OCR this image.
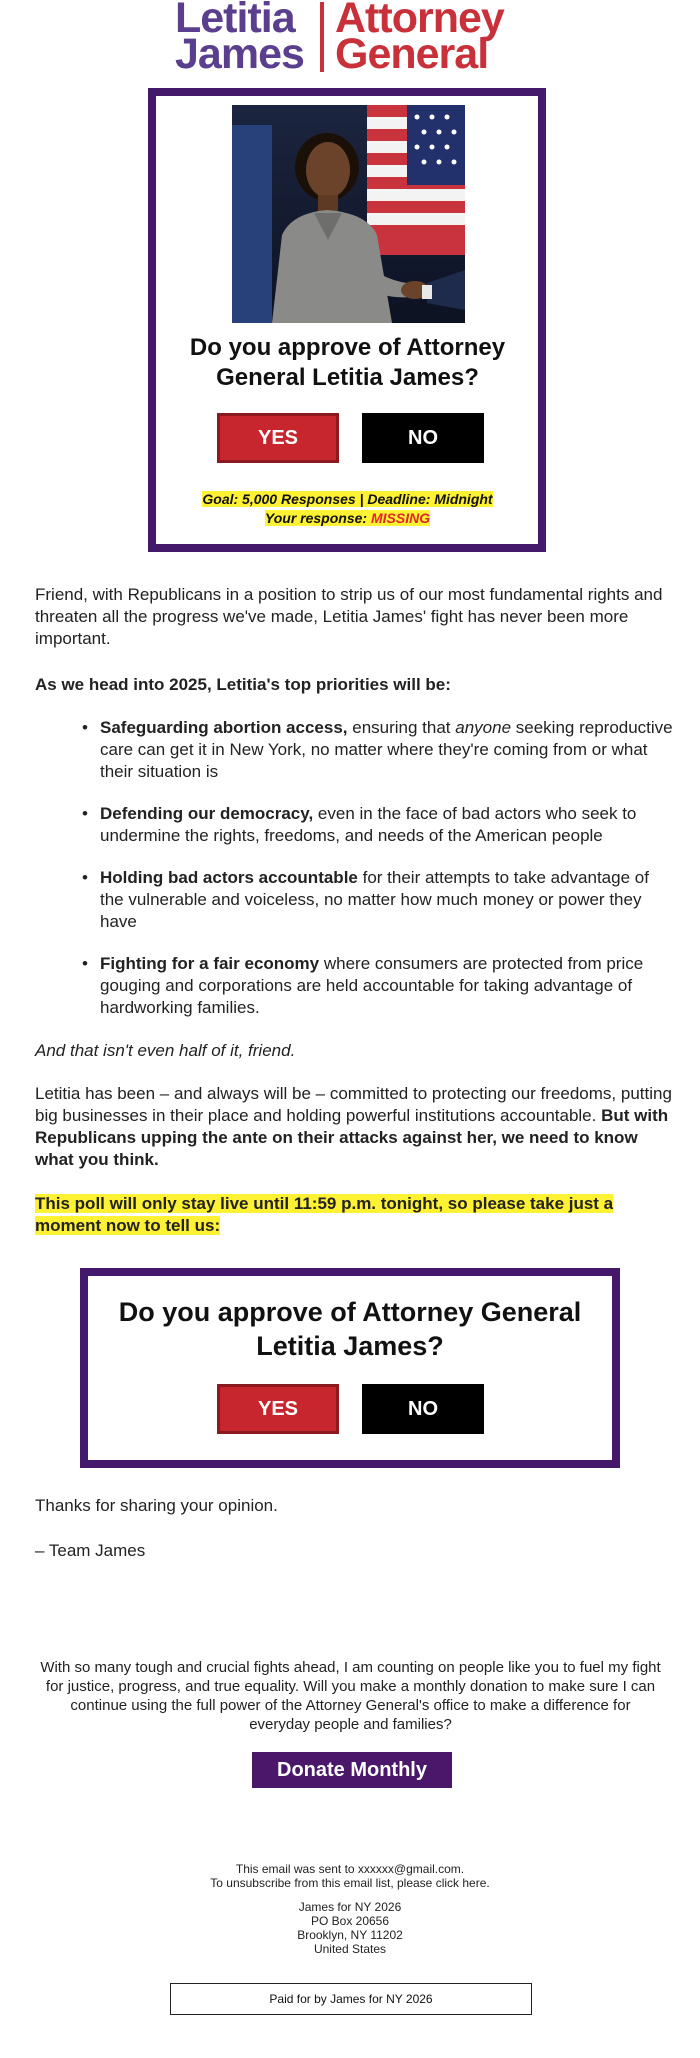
Letitia
James
Attorney
General
Do you approve of Attorney General Letitia James?
YES	NO
Goal: 5,000 Responses | Deadline: Midnight
Your response: MISSING
Friend, with Republicans in a position to strip us of our most fundamental rights and threaten all the progress we've made, Letitia James' fight has never been more important.
As we head into 2025, Letitia's top priorities will be:
• Safeguarding abortion access, ensuring that anyone seeking reproductive care can get it in New York, no matter where they're coming from or what their situation is
• Defending our democracy, even in the face of bad actors who seek to undermine the rights, freedoms, and needs of the American people
• Holding bad actors accountable for their attempts to take advantage of the vulnerable and voiceless, no matter how much money or power they have
• Fighting for a fair economy where consumers are protected from price gouging and corporations are held accountable for taking advantage of hardworking families.
And that isn't even half of it, friend.
Letitia has been – and always will be – committed to protecting our freedoms, putting big businesses in their place and holding powerful institutions accountable. But with Republicans upping the ante on their attacks against her, we need to know what you think.
This poll will only stay live until 11:59 p.m. tonight, so please take just a moment now to tell us:
Do you approve of Attorney General Letitia James?
YES	NO
Thanks for sharing your opinion.
– Team James
With so many tough and crucial fights ahead, I am counting on people like you to fuel my fight for justice, progress, and true equality. Will you make a monthly donation to make sure I can continue using the full power of the Attorney General's office to make a difference for everyday people and families?
Donate Monthly
This email was sent to xxxxxx@gmail.com.
To unsubscribe from this email list, please click here.
James for NY 2026
PO Box 20656
Brooklyn, NY 11202
United States
Paid for by James for NY 2026
